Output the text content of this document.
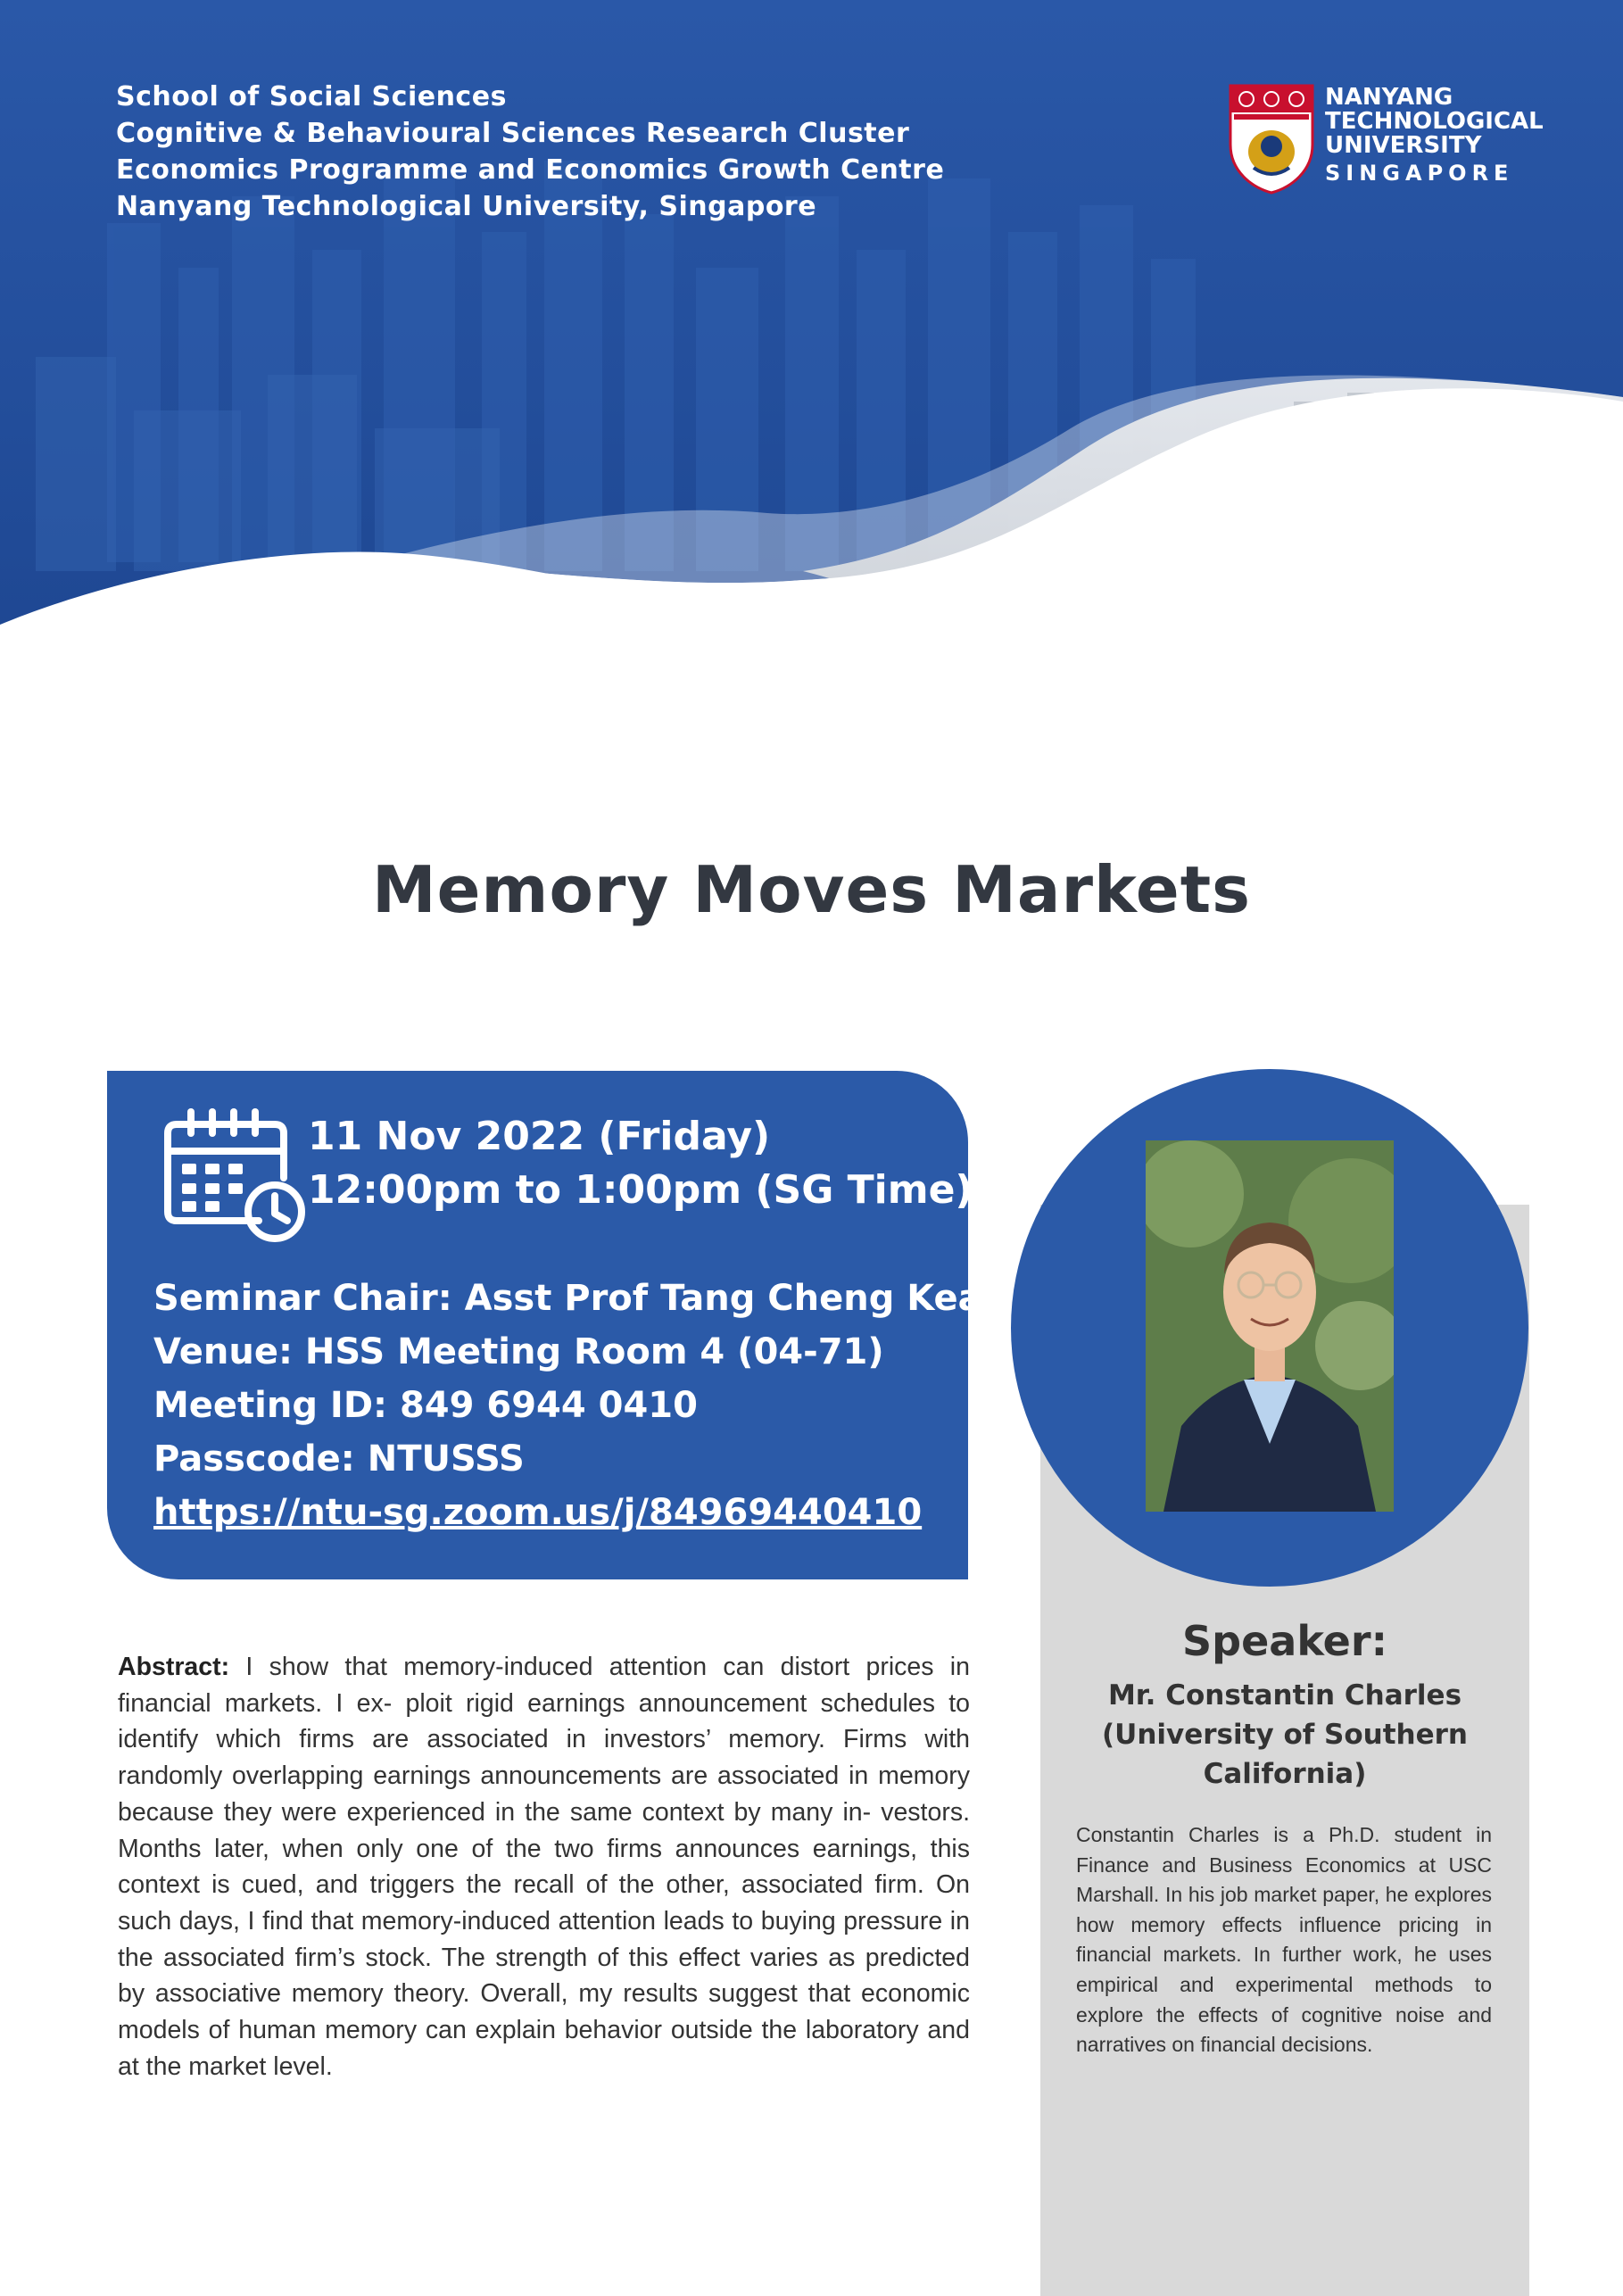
School of Social Sciences
Cognitive & Behavioural Sciences Research Cluster
Economics Programme and Economics Growth Centre
Nanyang Technological University, Singapore
NANYANG
TECHNOLOGICAL
UNIVERSITY
SINGAPORE
Memory Moves Markets
11 Nov 2022 (Friday)
12:00pm to 1:00pm (SG Time)
Seminar Chair: Asst Prof Tang Cheng Keat
Venue: HSS Meeting Room 4 (04-71)
Meeting ID: 849 6944 0410
Passcode: NTUSSS
https://ntu-sg.zoom.us/j/84969440410
Speaker:
Mr. Constantin Charles
(University of Southern California)
Constantin Charles is a Ph.D. student in Finance and Business Economics at USC Marshall. In his job market paper, he explores how memory effects influence pricing in financial markets. In further work, he uses empirical and experimental methods to explore the effects of cognitive noise and narratives on financial decisions.
Abstract: I show that memory-induced attention can distort prices in financial markets. I ex- ploit rigid earnings announcement schedules to identify which firms are associated in investors’ memory. Firms with randomly overlapping earnings announcements are associated in memory because they were experienced in the same context by many in- vestors. Months later, when only one of the two firms announces earnings, this context is cued, and triggers the recall of the other, associated firm. On such days, I find that memory-induced attention leads to buying pressure in the associated firm’s stock. The strength of this effect varies as predicted by associative memory theory. Overall, my results suggest that economic models of human memory can explain behavior outside the laboratory and at the market level.
